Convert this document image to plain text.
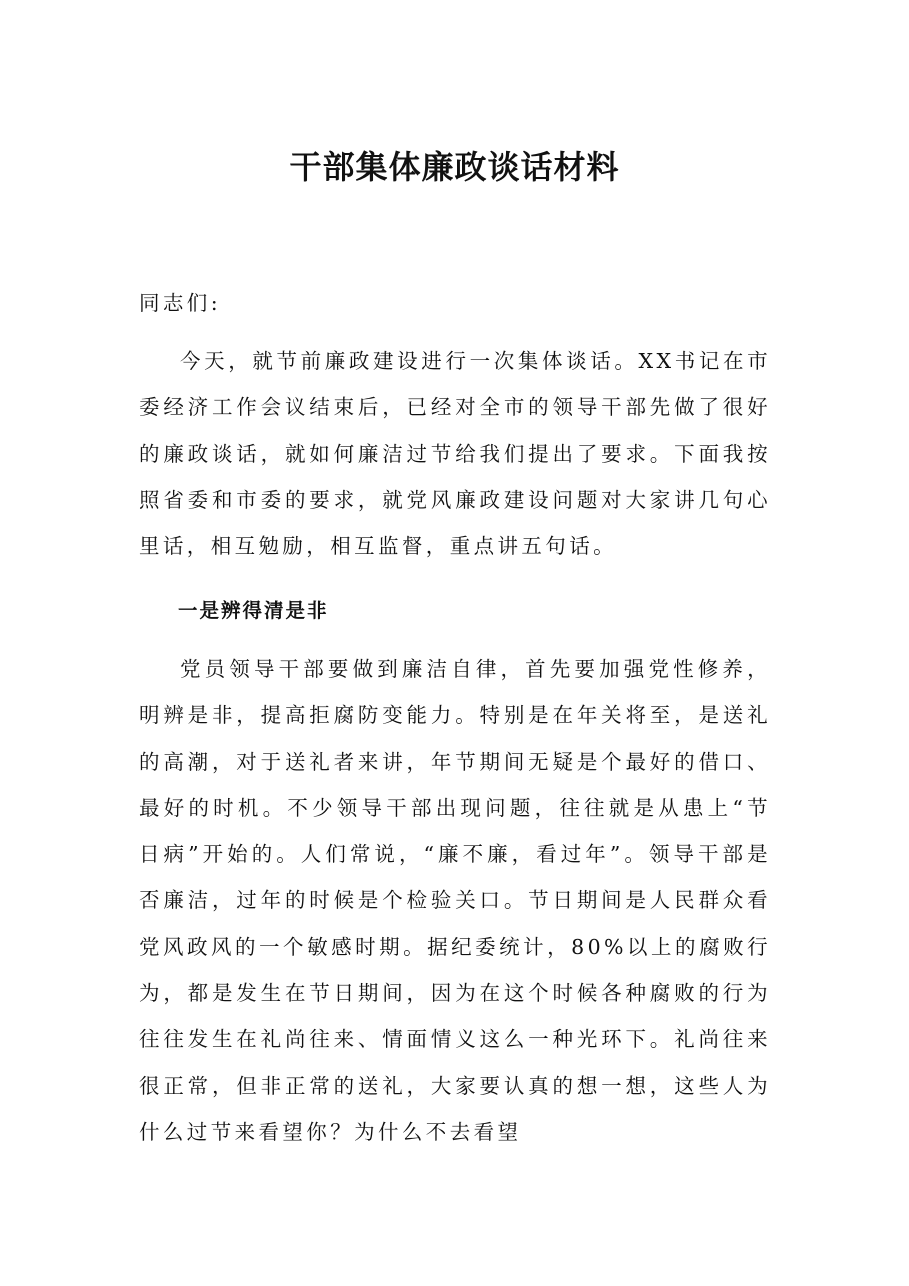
干部集体廉政谈话材料

同志们:

今天，就节前廉政建设进行一次集体谈话。XX书记在市委经济工作会议结束后，已经对全市的领导干部先做了很好的廉政谈话，就如何廉洁过节给我们提出了要求。下面我按照省委和市委的要求，就党风廉政建设问题对大家讲几句心里话，相互勉励，相互监督，重点讲五句话。

一是辨得清是非

党员领导干部要做到廉洁自律，首先要加强党性修养，明辨是非，提高拒腐防变能力。特别是在年关将至，是送礼的高潮，对于送礼者来讲，年节期间无疑是个最好的借口、最好的时机。不少领导干部出现问题，往往就是从患上“节日病”开始的。人们常说，“廉不廉，看过年”。领导干部是否廉洁，过年的时候是个检验关口。节日期间是人民群众看党风政风的一个敏感时期。据纪委统计，80%以上的腐败行为，都是发生在节日期间，因为在这个时候各种腐败的行为往往发生在礼尚往来、情面情义这么一种光环下。礼尚往来很正常，但非正常的送礼，大家要认真的想一想，这些人为什么过节来看望你？为什么不去看望
